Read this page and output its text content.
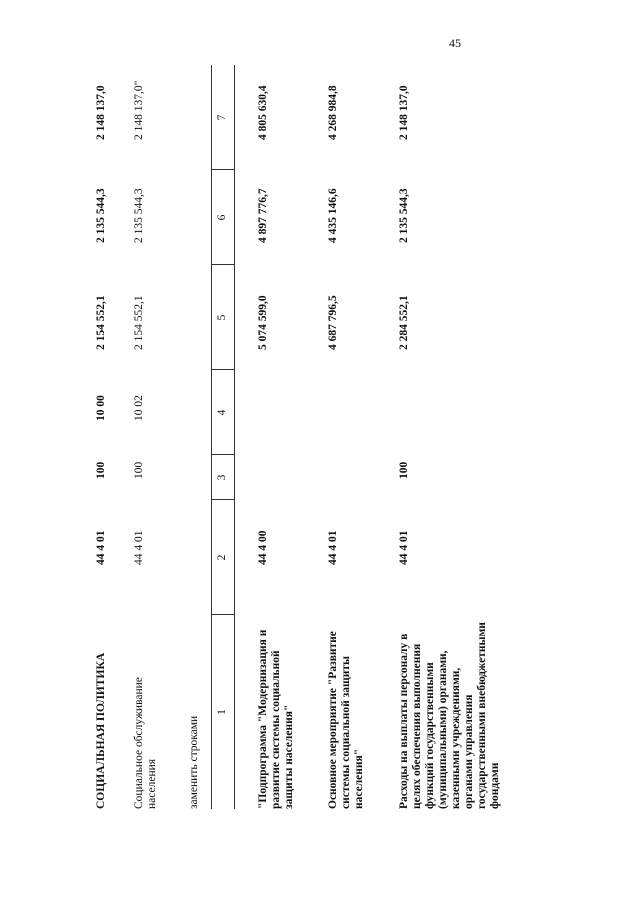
45
СОЦИАЛЬНАЯ ПОЛИТИКА
44 4 01
100
10 00
2 154 552,1
2 135 544,3
2 148 137,0
Социальное обслуживание населения
44 4 01
100
10 02
2 154 552,1
2 135 544,3
2 148 137,0"
заменить строками
1
2
3
4
5
6
7
"Подпрограмма "Модернизация и развитие системы социальной защиты населения"
44 4 00
5 074 599,0
4 897 776,7
4 805 630,4
Основное мероприятие "Развитие системы социальной защиты населения"
44 4 01
4 687 796,5
4 435 146,6
4 268 984,8
Расходы на выплаты персоналу в целях обеспечения выполнения функций государственными (муниципальными) органами, казенными учреждениями, органами управления государственными внебюджетными фондами
44 4 01
100
2 284 552,1
2 135 544,3
2 148 137,0
